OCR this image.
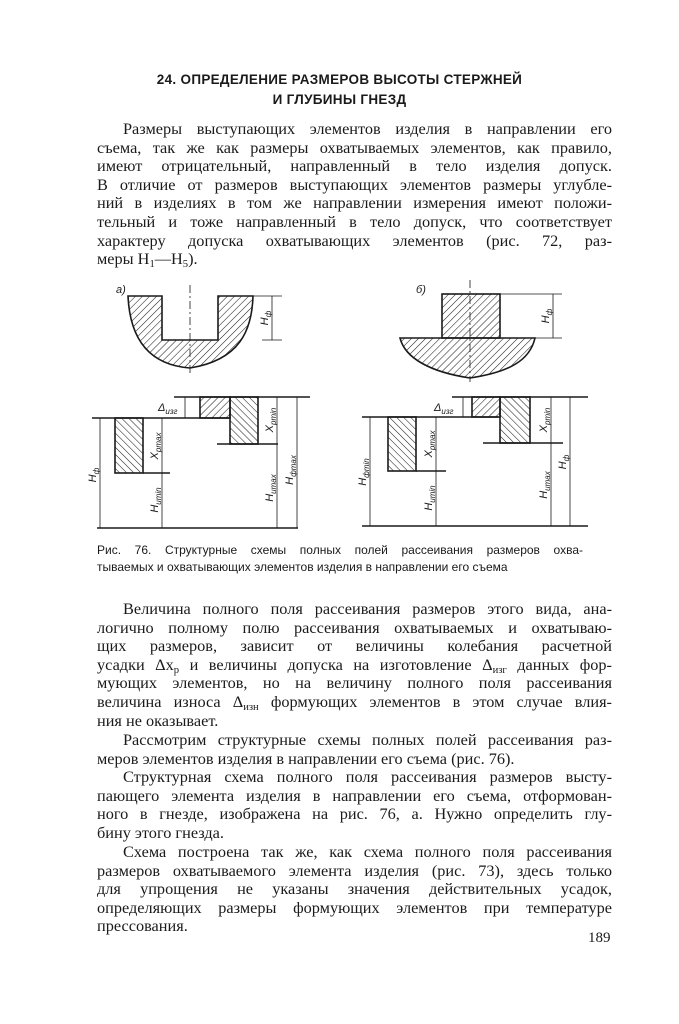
24. ОПРЕДЕЛЕНИЕ РАЗМЕРОВ ВЫСОТЫ СТЕРЖНЕЙ
И ГЛУБИНЫ ГНЕЗД
Размеры выступающих элементов изделия в направлении его
съема, так же как размеры охватываемых элементов, как правило,
имеют отрицательный, направленный в тело изделия допуск.
В отличие от размеров выступающих элементов размеры углубле-
ний в изделиях в том же направлении измерения имеют положи-
тельный и тоже направленный в тело допуск, что соответствует
характеру допуска охватывающих элементов (рис. 72, раз-
меры $H_1—H_5$).
а)	б)
$H_ф$
$H_ф$
$H_ф$
$X_{pmax}$
$H_{иmin}$
$X_{pmin}$
$H_{иmax}$ $H_{фmax}$
$H_{фmin}$
$X_{pmax}$
$H_{иmin}$
$X_{pmin}$
$H_{иmax}$
$H_ф$
$\Delta_{изг}$	$\Delta_{изг}$
Рис. 76. Структурные схемы полных полей рассеивания размеров охва-
тываемых и охватывающих элементов изделия в направлении его съема
Величина полного поля рассеивания размеров этого вида, ана-
логично полному полю рассеивания охватываемых и охватываю-
щих размеров, зависит от величины колебания расчетной
усадки $\Delta x_p$ и величины допуска на изготовление $\Delta_{изг}$ данных фор-
мующих элементов, но на величину полного поля рассеивания
величина износа $\Delta_{изн}$ формующих элементов в этом случае влия-
ния не оказывает.
Рассмотрим структурные схемы полных полей рассеивания раз-
меров элементов изделия в направлении его съема (рис. 76).
Структурная схема полного поля рассеивания размеров высту-
пающего элемента изделия в направлении его съема, отформован-
ного в гнезде, изображена на рис. 76, а. Нужно определить глу-
бину этого гнезда.
Схема построена так же, как схема полного поля рассеивания
размеров охватываемого элемента изделия (рис. 73), здесь только
для упрощения не указаны значения действительных усадок,
определяющих размеры формующих элементов при температуре
прессования.
189
